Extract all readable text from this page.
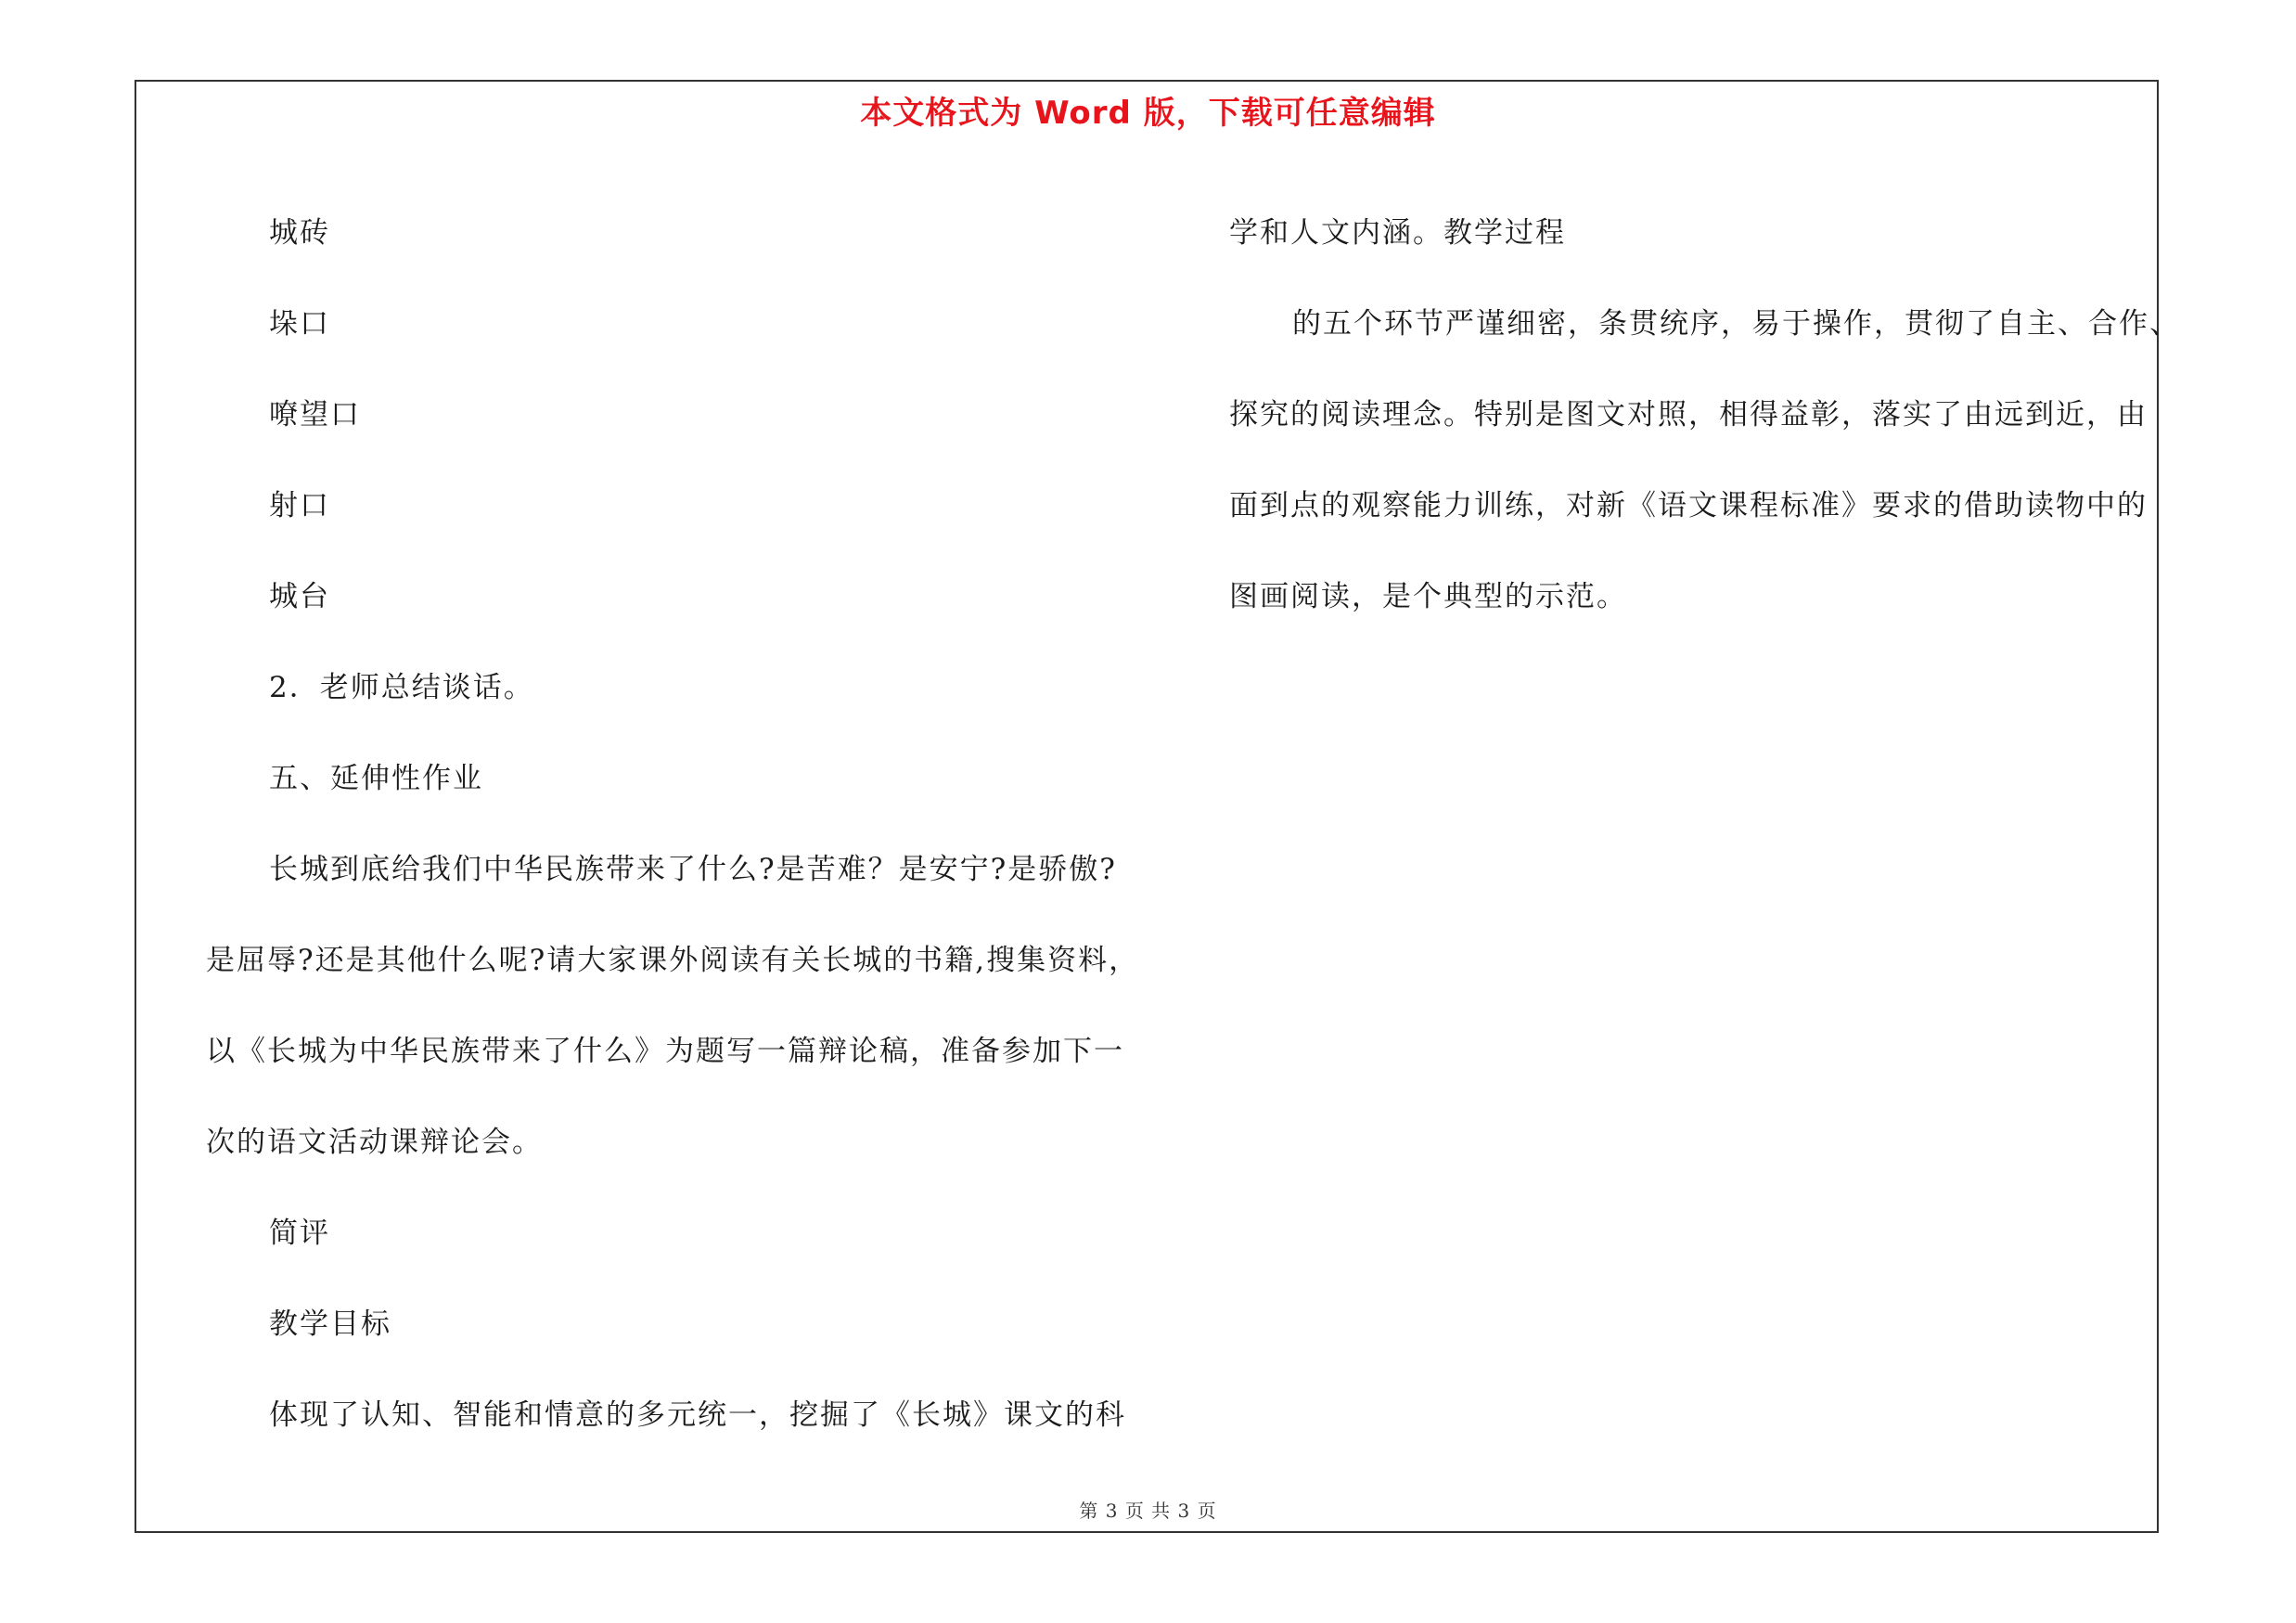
本文格式为 Word 版，下载可任意编辑

城砖

垛口

嘹望口

射口

城台

2．老师总结谈话。

五、延伸性作业

长城到底给我们中华民族带来了什么?是苦难？是安宁?是骄傲?

是屈辱?还是其他什么呢?请大家课外阅读有关长城的书籍,搜集资料，

以《长城为中华民族带来了什么》为题写一篇辩论稿，准备参加下一

次的语文活动课辩论会。

简评

教学目标

体现了认知、智能和情意的多元统一，挖掘了《长城》课文的科

学和人文内涵。教学过程

的五个环节严谨细密，条贯统序，易于操作，贯彻了自主、合作、

探究的阅读理念。特别是图文对照，相得益彰，落实了由远到近，由

面到点的观察能力训练，对新《语文课程标准》要求的借助读物中的

图画阅读，是个典型的示范。

第 3 页 共 3 页
